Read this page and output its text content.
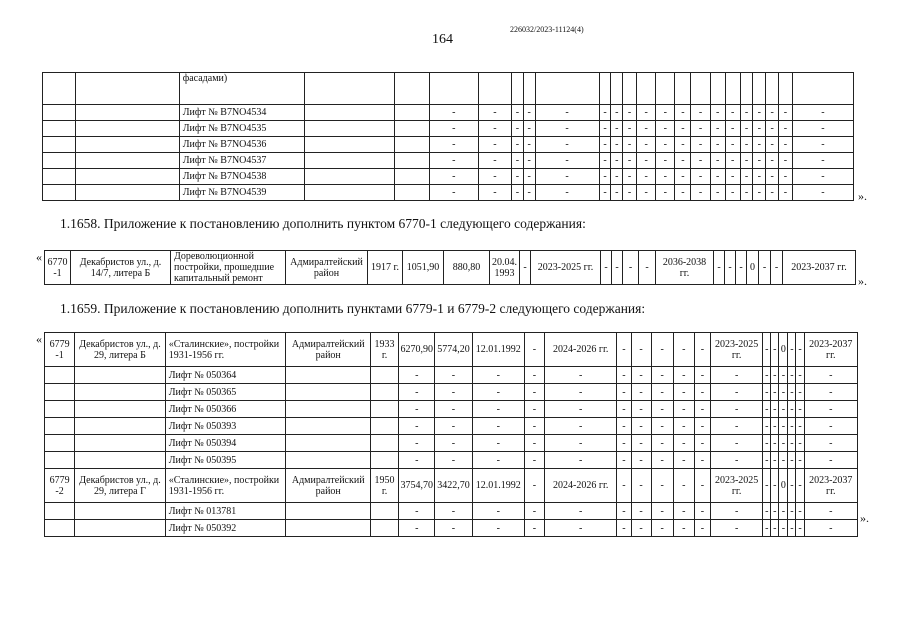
226032/2023-11124(4)
164
		фасадами)																					
		Лифт № B7NO4534			-	-	-	-	-	-	-	-	-	-	-	-	-	-	-	-	-	-	-
		Лифт № B7NO4535			-	-	-	-	-	-	-	-	-	-	-	-	-	-	-	-	-	-	-
		Лифт № B7NO4536			-	-	-	-	-	-	-	-	-	-	-	-	-	-	-	-	-	-	-
		Лифт № B7NO4537			-	-	-	-	-	-	-	-	-	-	-	-	-	-	-	-	-	-	-
		Лифт № B7NO4538			-	-	-	-	-	-	-	-	-	-	-	-	-	-	-	-	-	-	-
		Лифт № B7NO4539			-	-	-	-	-	-	-	-	-	-	-	-	-	-	-	-	-	-	-	».
1.1658. Приложение к постановлению дополнить пунктом 6770-1 следующего содержания:
« 6770 -1	Декабристов ул., д. 14/7, литера Б	Дореволюционной постройки, прошедшие капитальный ремонт	Адмиралтейский район	1917 г.	1051,90	880,80	20.04. 1993	-	2023-2025 гг.	-	-	-	-	2036-2038 гг.	-	-	-	0	-	-	2023-2037 гг.
».
1.1659. Приложение к постановлению дополнить пунктами 6779-1 и 6779-2 следующего содержания:
« 6779 -1	Декабристов ул., д. 29, литера Б	«Сталинские», постройки 1931-1956 гг.	Адмиралтейский район	1933 г.	6270,90	5774,20	12.01.1992	-	2024-2026 гг.	-	-	-	-	-	2023-2025 гг.	-	-	0	-	-	2023-2037 гг.
		Лифт № 050364			-	-	-	-	-	-	-	-	-	-	-	-	-	-	-	-	-
		Лифт № 050365			-	-	-	-	-	-	-	-	-	-	-	-	-	-	-	-	-
		Лифт № 050366			-	-	-	-	-	-	-	-	-	-	-	-	-	-	-	-	-
		Лифт № 050393			-	-	-	-	-	-	-	-	-	-	-	-	-	-	-	-	-
		Лифт № 050394			-	-	-	-	-	-	-	-	-	-	-	-	-	-	-	-	-
		Лифт № 050395			-	-	-	-	-	-	-	-	-	-	-	-	-	-	-	-	-
6779 -2	Декабристов ул., д. 29, литера Г	«Сталинские», постройки 1931-1956 гг.	Адмиралтейский район	1950 г.	3754,70	3422,70	12.01.1992	-	2024-2026 гг.	-	-	-	-	-	2023-2025 гг.	-	-	0	-	-	2023-2037 гг.
		Лифт № 013781			-	-	-	-	-	-	-	-	-	-	-	-	-	-	-	-	-
		Лифт № 050392			-	-	-	-	-	-	-	-	-	-	-	-	-	-	-	-	-
».
